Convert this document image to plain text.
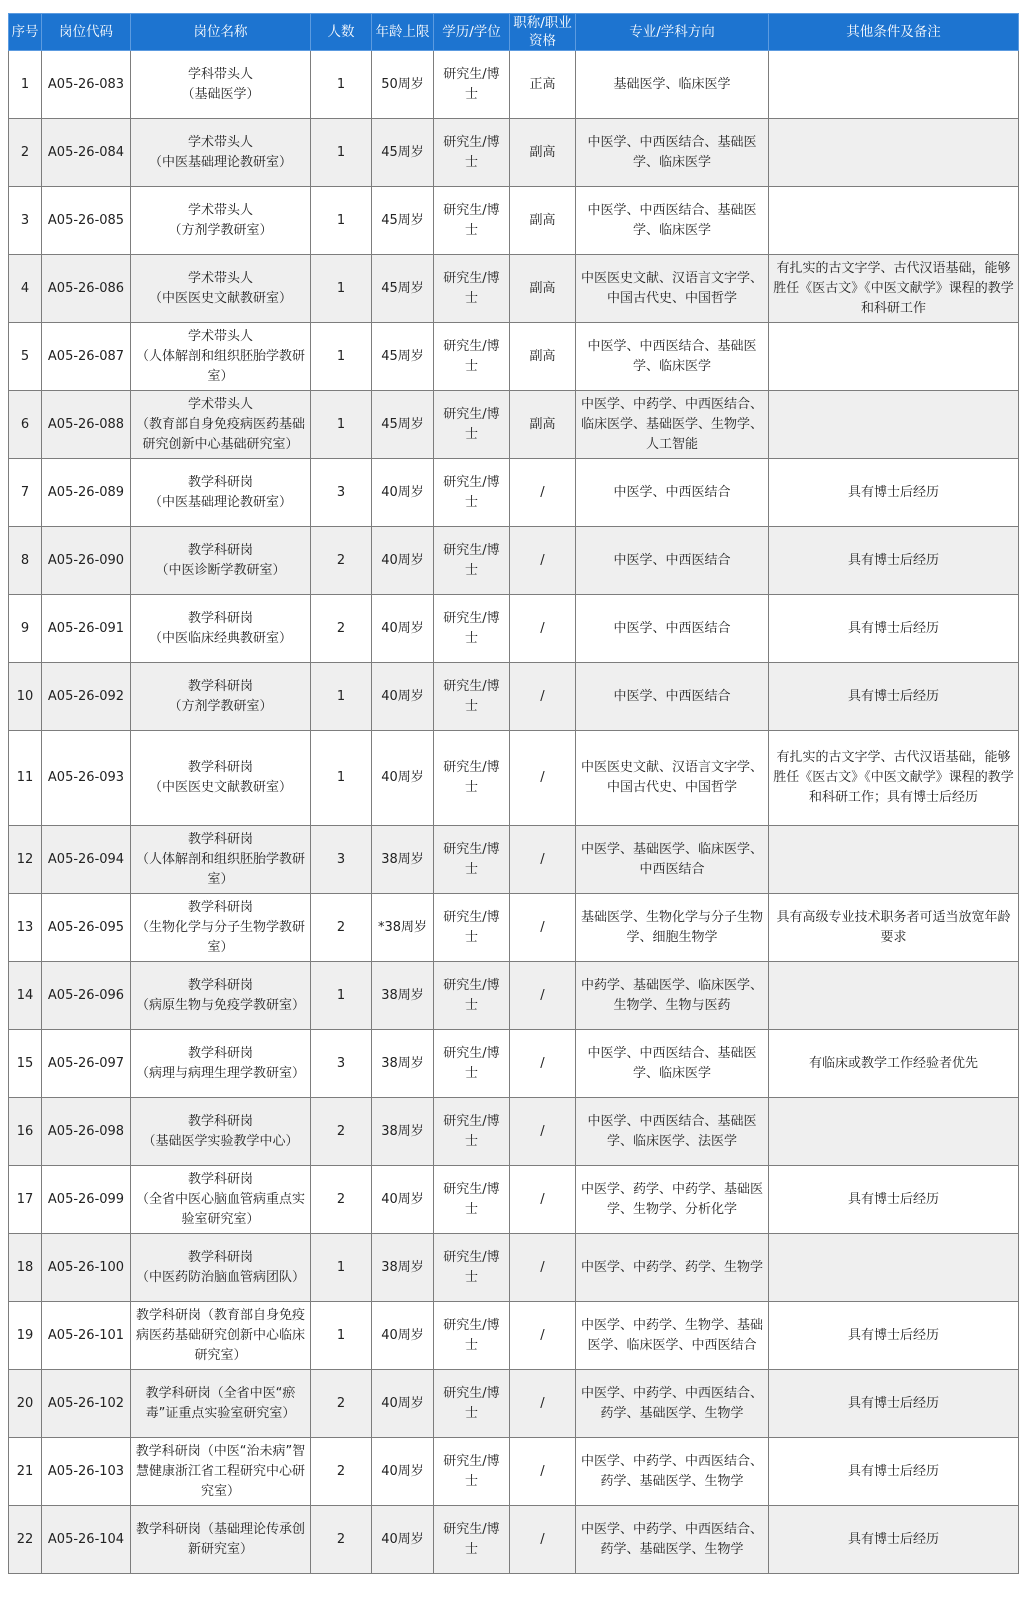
序号	岗位代码	岗位名称	人数	年龄上限	学历/学位	职称/职业资格	专业/学科方向	其他条件及备注
1	A05-26-083	学科带头人
（基础医学）	1	50周岁	研究生/博士	正高	基础医学、临床医学	
2	A05-26-084	学术带头人
（中医基础理论教研室）	1	45周岁	研究生/博士	副高	中医学、中西医结合、基础医学、临床医学	
3	A05-26-085	学术带头人
（方剂学教研室）	1	45周岁	研究生/博士	副高	中医学、中西医结合、基础医学、临床医学	
4	A05-26-086	学术带头人
（中医医史文献教研室）	1	45周岁	研究生/博士	副高	中医医史文献、汉语言文字学、中国古代史、中国哲学	有扎实的古文字学、古代汉语基础，能够胜任《医古文》《中医文献学》课程的教学和科研工作
5	A05-26-087	学术带头人
（人体解剖和组织胚胎学教研室）	1	45周岁	研究生/博士	副高	中医学、中西医结合、基础医学、临床医学	
6	A05-26-088	学术带头人
（教育部自身免疫病医药基础研究创新中心基础研究室）	1	45周岁	研究生/博士	副高	中医学、中药学、中西医结合、临床医学、基础医学、生物学、人工智能	
7	A05-26-089	教学科研岗
（中医基础理论教研室）	3	40周岁	研究生/博士	/	中医学、中西医结合	具有博士后经历
8	A05-26-090	教学科研岗
（中医诊断学教研室）	2	40周岁	研究生/博士	/	中医学、中西医结合	具有博士后经历
9	A05-26-091	教学科研岗
（中医临床经典教研室）	2	40周岁	研究生/博士	/	中医学、中西医结合	具有博士后经历
10	A05-26-092	教学科研岗
（方剂学教研室）	1	40周岁	研究生/博士	/	中医学、中西医结合	具有博士后经历
11	A05-26-093	教学科研岗
（中医医史文献教研室）	1	40周岁	研究生/博士	/	中医医史文献、汉语言文字学、中国古代史、中国哲学	有扎实的古文字学、古代汉语基础，能够胜任《医古文》《中医文献学》课程的教学和科研工作；具有博士后经历
12	A05-26-094	教学科研岗
（人体解剖和组织胚胎学教研室）	3	38周岁	研究生/博士	/	中医学、基础医学、临床医学、中西医结合	
13	A05-26-095	教学科研岗
（生物化学与分子生物学教研室）	2	*38周岁	研究生/博士	/	基础医学、生物化学与分子生物学、细胞生物学	具有高级专业技术职务者可适当放宽年龄要求
14	A05-26-096	教学科研岗
（病原生物与免疫学教研室）	1	38周岁	研究生/博士	/	中药学、基础医学、临床医学、生物学、生物与医药	
15	A05-26-097	教学科研岗
（病理与病理生理学教研室）	3	38周岁	研究生/博士	/	中医学、中西医结合、基础医学、临床医学	有临床或教学工作经验者优先
16	A05-26-098	教学科研岗
（基础医学实验教学中心）	2	38周岁	研究生/博士	/	中医学、中西医结合、基础医学、临床医学、法医学	
17	A05-26-099	教学科研岗
（全省中医心脑血管病重点实验室研究室）	2	40周岁	研究生/博士	/	中医学、药学、中药学、基础医学、生物学、分析化学	具有博士后经历
18	A05-26-100	教学科研岗
（中医药防治脑血管病团队）	1	38周岁	研究生/博士	/	中医学、中药学、药学、生物学	
19	A05-26-101	教学科研岗（教育部自身免疫病医药基础研究创新中心临床研究室）	1	40周岁	研究生/博士	/	中医学、中药学、生物学、基础医学、临床医学、中西医结合	具有博士后经历
20	A05-26-102	教学科研岗（全省中医“瘀毒”证重点实验室研究室）	2	40周岁	研究生/博士	/	中医学、中药学、中西医结合、药学、基础医学、生物学	具有博士后经历
21	A05-26-103	教学科研岗（中医“治未病”智慧健康浙江省工程研究中心研究室）	2	40周岁	研究生/博士	/	中医学、中药学、中西医结合、药学、基础医学、生物学	具有博士后经历
22	A05-26-104	教学科研岗（基础理论传承创新研究室）	2	40周岁	研究生/博士	/	中医学、中药学、中西医结合、药学、基础医学、生物学	具有博士后经历
